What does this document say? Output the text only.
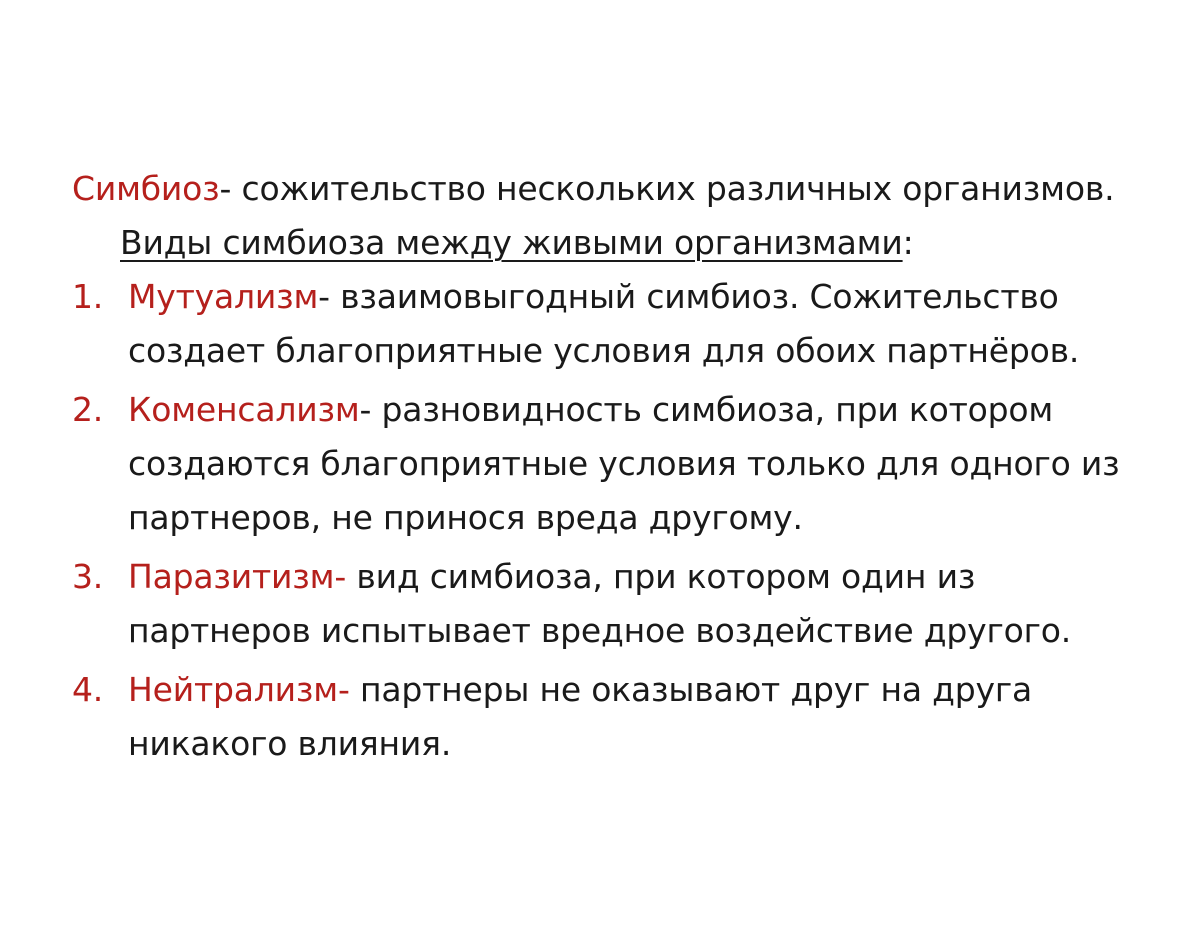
Симбиоз- сожительство нескольких различных организмов.

Виды симбиоза между живыми организмами:

1. Мутуализм- взаимовыгодный симбиоз. Сожительство создает благоприятные условия для обоих партнёров.
2. Коменсализм- разновидность симбиоза, при котором создаются благоприятные условия только для одного из партнеров, не принося вреда другому.
3. Паразитизм- вид симбиоза, при котором один из партнеров испытывает вредное воздействие другого.
4. Нейтрализм- партнеры не оказывают друг на друга никакого влияния.
